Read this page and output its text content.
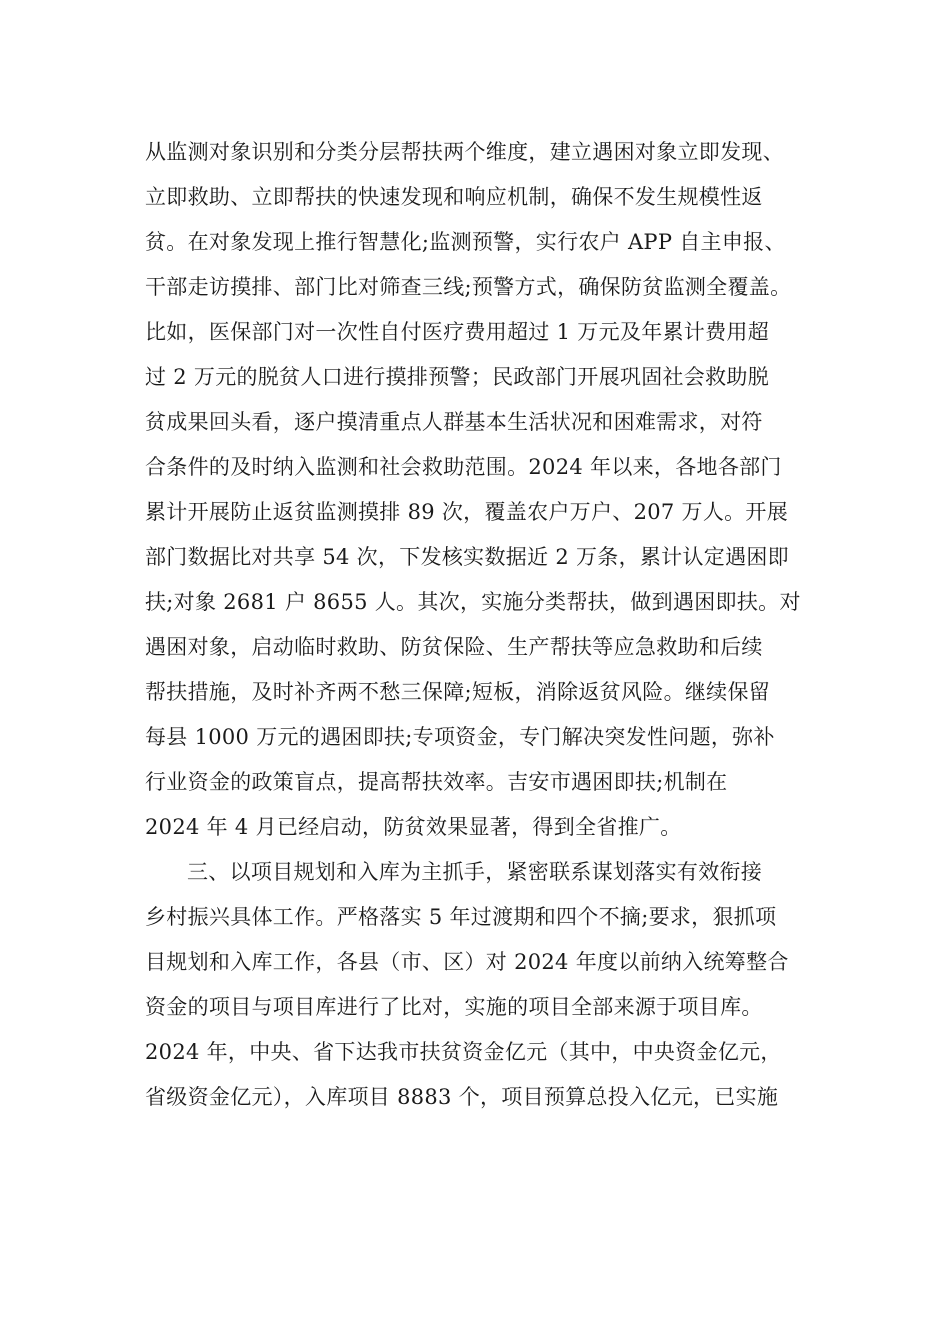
从监测对象识别和分类分层帮扶两个维度，建立遇困对象立即发现、
立即救助、立即帮扶的快速发现和响应机制，确保不发生规模性返
贫。在对象发现上推行智慧化;监测预警，实行农户 APP 自主申报、
干部走访摸排、部门比对筛查三线;预警方式，确保防贫监测全覆盖。
比如，医保部门对一次性自付医疗费用超过 1 万元及年累计费用超
过 2 万元的脱贫人口进行摸排预警；民政部门开展巩固社会救助脱
贫成果回头看，逐户摸清重点人群基本生活状况和困难需求，对符
合条件的及时纳入监测和社会救助范围。2024 年以来，各地各部门
累计开展防止返贫监测摸排 89 次，覆盖农户万户、207 万人。开展
部门数据比对共享 54 次，下发核实数据近 2 万条，累计认定遇困即
扶;对象 2681 户 8655 人。其次，实施分类帮扶，做到遇困即扶。对
遇困对象，启动临时救助、防贫保险、生产帮扶等应急救助和后续
帮扶措施，及时补齐两不愁三保障;短板，消除返贫风险。继续保留
每县 1000 万元的遇困即扶;专项资金，专门解决突发性问题，弥补
行业资金的政策盲点，提高帮扶效率。吉安市遇困即扶;机制在
2024 年 4 月已经启动，防贫效果显著，得到全省推广。
三、以项目规划和入库为主抓手，紧密联系谋划落实有效衔接
乡村振兴具体工作。严格落实 5 年过渡期和四个不摘;要求，狠抓项
目规划和入库工作，各县（市、区）对 2024 年度以前纳入统筹整合
资金的项目与项目库进行了比对，实施的项目全部来源于项目库。
2024 年，中央、省下达我市扶贫资金亿元（其中，中央资金亿元，
省级资金亿元），入库项目 8883 个，项目预算总投入亿元，已实施
